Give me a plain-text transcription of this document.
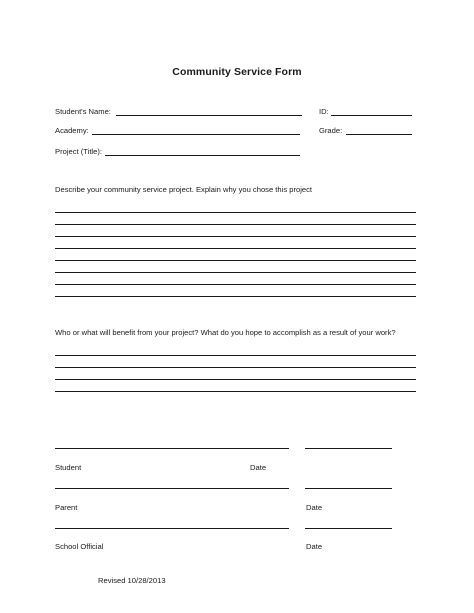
Community Service Form
Student's Name:	ID:
Academy:	Grade:
Project (Title):
Describe your community service project. Explain why you chose this project
Who or what will benefit from your project? What do you hope to accomplish as a result of your work?
Student	Date
Parent	Date
School Official	Date
Revised 10/28/2013
